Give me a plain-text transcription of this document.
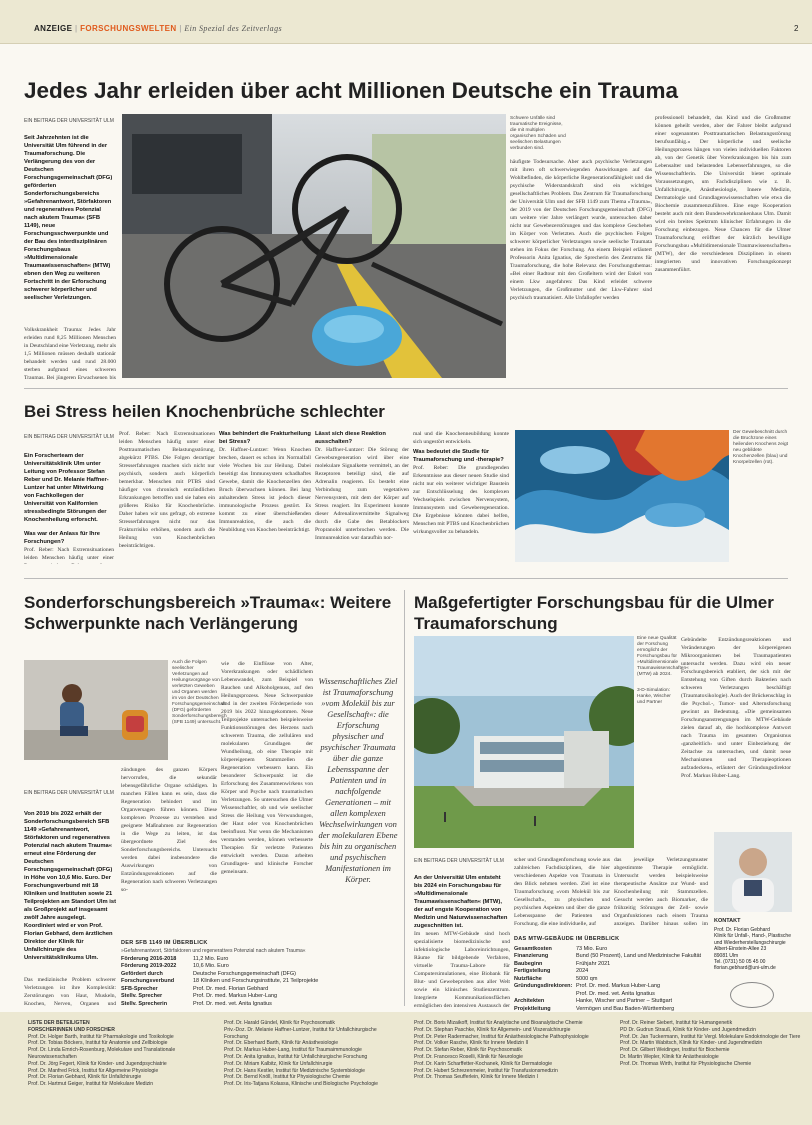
ANZEIGE | FORSCHUNGSWELTEN | Ein Spezial des Zeitverlags	2
Jedes Jahr erleiden über acht Millionen Deutsche ein Trauma
EIN BEITRAG DER UNIVERSITÄT ULM
Seit Jahrzehnten ist die Universität Ulm führend in der Traumaforschung. Die Verlängerung des von der Deutschen Forschungsgemeinschaft (DFG) geförderten Sonderforschungsbereichs »Gefahrenantwort, Störfaktoren und regeneratives Potenzial nach akutem Trauma« (SFB 1149), neue Forschungsschwerpunkte und der Bau des interdisziplinären Forschungsbaus »Multidimensionale Traumawissenschaften« (MTW) ebnen den Weg zu weiteren Fortschritt in der Erforschung schwerer körperlicher und seelischer Verletzungen.
Volkskrankheit Trauma: Jedes Jahr erleiden rund 8,25 Millionen Menschen in Deutschland eine Verletzung, mehr als 1,5 Millionen müssen deshalb stationär behandelt werden und rund 28.000 sterben aufgrund eines schweren Traumas. Bei jüngeren Erwachsenen bis
Schwere Unfälle sind traumatische Ereignisse, die mit multiplen organischen Schäden und seelischen Belastungen verbunden sind.
häufigste Todesursache. Aber auch psychische Verletzungen mit ihren oft schwerwiegenden Auswirkungen auf das Wohlbefinden, die körperliche Regenerationsfähigkeit und die psychische Widerstandskraft sind ein wichtiges gesellschaftliches Problem. Das Zentrum für Traumaforschung der Universität Ulm und der SFB 1149 zum Thema »Trauma«, der 2019 von der Deutschen Forschungsgemeinschaft (DFG) um weitere vier Jahre verlängert wurde, untersuchen daher nicht nur Gewebezerstörungen und das komplexe Geschehen im Körper von Verletzten. Auch die psychischen Folgen schwerer körperlicher Verletzungen sowie seelische Traumata stehen im Fokus der Forschung. An einem Beispiel erläutert Professorin Anita Ignatius, die Sprecherin des Zentrums für Traumaforschung, die hohe Relevanz des Forschungsthemas: »Bei einer Radtour mit den Großeltern wird der Enkel von einem Lkw angefahren: Das Kind erleidet schwere Verletzungen, die Großmutter und der Lkw-Fahrer sind psychisch traumatisiert. Alle Unfallopfer werden
professionell behandelt, das Kind und die Großmutter können geheilt werden, aber der Fahrer bleibt aufgrund einer sogenannten Posttraumatischen Belastungsstörung berufsunfähig.« Der körperliche und seelische Heilungsprozess hängen von vielen individuellen Faktoren ab, von der Genetik über Vorerkrankungen bis hin zum Lebensalter und belastenden Lebenserfahrungen, so die Wissenschaftlerin. Die Universität bietet optimale Voraussetzungen, um Fachdisziplinen wie z. B. Unfallchirurgie, Anästhesiologie, Innere Medizin, Dermatologie und Grundlagenwissenschaften wie etwa die Biochemie zusammenzuführen. Eine enge Kooperation besteht auch mit dem Bundeswehrkrankenhaus Ulm. Damit wird ein breites Spektrum klinischer Erfahrungen in die Forschung einbezogen. Neue Chancen für die Ulmer Traumaforschung eröffnet der kürzlich bewilligte Forschungsbau »Multidimensionale Traumawissenschaften« (MTW), der die verschiedenen Disziplinen in einem integrierten und innovativen Forschungskonzept zusammenführt.
Bei Stress heilen Knochenbrüche schlechter
EIN BEITRAG DER UNIVERSITÄT ULM
Ein Forscherteam der Universitätsklinik Ulm unter Leitung von Professor Stefan Reber und Dr. Melanie Haffner-Luntzer hat unter Mitwirkung von Fachkollegen der Universität von Kalifornien stressbedingte Störungen der Knochenheilung erforscht.
Was war der Anlass für Ihre Forschungen?
Prof. Reber: Nach Extremsituationen leiden Menschen häufig unter einer
Prof. Reber: Nach Extremsituationen leiden Menschen häufig unter einer Posttraumatischen Belastungsstörung, abgekürzt PTBS. Die Folgen derartiger Stresserfahrungen machen sich nicht nur psychisch, sondern auch körperlich bemerkbar. Menschen mit PTBS sind häufiger von chronisch entzündlichen Erkrankungen betroffen und sie haben ein größeres Risiko für Knochenbrüche. Daher haben wir uns gefragt, ob extreme Stresserfahrungen nicht nur das Frakturrisiko erhöhen, sondern auch die Heilung von Knochenbrüchen beeinträchtigen.
Was behindert die Frakturheilung bei Stress?
Dr. Haffner-Luntzer: Wenn Knochen brechen, dauert es schon im Normalfall viele Wochen bis zur Heilung. Dabei beseitigt das Immunsystem schadhaftes Gewebe, damit die Knochenzellen den Bruch überwachsen können. Bei lang anhaltendem Stress ist jedoch dieser immunologische Prozess gestört. Es kommt zu einer überschießenden Immunreaktion, die auch die Neubildung von Knochen beeinträchtigt.
Lässt sich diese Reaktion ausschalten?
Dr. Haffner-Luntzer: Die Störung der Gewebsregeneration wird über eine molekulare Signalkette vermittelt, an der Rezeptoren beteiligt sind, die auf Adrenalin reagieren. Es besteht eine Verbindung zum vegetativen Nervensystem, mit dem der Körper auf Stress reagiert. Im Experiment konnte dieser Adrenalinvermittelte Signalweg durch die Gabe des Betablockers Propranolol unterbrochen werden. Die Immunreaktion war daraufhin nor-
mal und die Knochenneubildung konnte sich ungestört entwickeln.
Was bedeutet die Studie für Traumaforschung und -therapie?
Prof. Reber: Die grundlegenden Erkenntnisse aus dieser neuen Studie sind nicht nur ein weiterer wichtiger Baustein zur Entschlüsselung des komplexen Wechselspiels zwischen Nervensystem, Immunsystem und Geweberegeneration. Die Ergebnisse könnten dabei helfen, Menschen mit PTBS und Knochenbrüchen wirkungsvoller zu behandeln.
Der Gewebeschnitt durch die Bruchzone eines heilenden Knochens zeigt neu gebildete Knochenzellen (blau) und Knorpelzellen (rot).
Sonderforschungsbereich »Trauma«: Weitere Schwerpunkte nach Verlängerung
Auch die Folgen seelischer Verletzungen auf Heilungsvorgänge von verletzten Geweben und Organen werden im von der Deutschen Forschungsgemeinschaft (DFG) geförderten Sonderforschungsbereich (SFB 1149) untersucht.
EIN BEITRAG DER UNIVERSITÄT ULM
Von 2019 bis 2022 erhält der Sonderforschungsbereich SFB 1149 »Gefahrenantwort, Störfaktoren und regeneratives Potenzial nach akutem Trauma« erneut eine Förderung der Deutschen Forschungsgemeinschaft (DFG) in Höhe von 10,6 Mio. Euro. Der Forschungsverbund mit 18 Kliniken und Instituten sowie 21 Teilprojekten am Standort Ulm ist als Großprojekt auf insgesamt zwölf Jahre ausgelegt. Koordiniert wird er von Prof. Florian Gebhard, dem ärztlichen Direktor der Klinik für Unfallchirurgie des Universitätsklinikums Ulm.
Das medizinische Problem schwerer Verletzungen ist ihre Komplexität: Zerstörungen von Haut, Muskeln, Knochen, Nerven, Organen und
zündungen des ganzen Körpers hervorrufen, die sekundär lebensgefährliche Organe schädigen. In manchen Fällen kann es sein, dass die Regeneration behindert und im Organversagen führen können. Diese komplexen Prozesse zu verstehen und geeignete Maßnahmen zur Regeneration in die Wege zu leiten, ist das übergeordnete Ziel des Sonderforschungsbereichs. Untersucht werden dabei insbesondere die Auswirkungen von Entzündungsreaktionen auf die Regeneration nach schweren Verletzungen so-
wie die Einflüsse von Alter, Vorerkrankungen oder schädlichem Lebenswandel, zum Beispiel von Rauchen und Alkoholgenuss, auf den Heilungsprozess. Neue Schwerpunkte sind in der zweiten Förderperiode von 2019 bis 2022 hinzugekommen. Neue Teilprojekte untersuchen beispielsweise Funktionsstörungen des Herzens nach schwerem Trauma, die zellulären und molekularen Grundlagen der Wundheilung, ob eine Therapie mit körpereigenem Stammzellen die Regeneration verbessern kann. Ein besonderer Schwerpunkt ist die Erforschung des Zusammenwirkens von Körper und Psyche nach traumatischen Verletzungen. So untersuchen die Ulmer Wissenschaftler, ob und wie seelischer Stress die Heilung von Verwundungen, der Haut oder von Knochenbrüchen beeinflusst. Nur wenn die Mechanismen verstanden werden, können verbesserte Therapien für verletzte Patienten entwickelt werden. Daran arbeiten Grundlagen- und klinische Forscher gemeinsam.
Wissenschaftliches Ziel ist Traumaforschung »vom Molekül bis zur Gesellschaft«: die Erforschung physischer und psychischer Traumata über die ganze Lebensspanne der Patienten und in nachfolgende Generationen – mit allen komplexen Wechselwirkungen von der molekularen Ebene bis hin zu organischen und psychischen Manifestationen im Körper.
DER SFB 1149 IM ÜBERBLICK
»Gefahrenantwort, Störfaktoren und regeneratives Potenzial nach akutem Trauma«
Förderung 2016-2018	11,2 Mio. Euro
Förderung 2019-2022	10,6 Mio. Euro
Gefördert durch	Deutsche Forschungsgemeinschaft (DFG)
Forschungsverbund	18 Kliniken und Forschungsinstitute, 21 Teilprojekte
SFB-Sprecher	Prof. Dr. med. Florian Gebhard
Stellv. Sprecher	Prof. Dr. med. Markus Huber-Lang
Stellv. Sprecherin	Prof. Dr. med. vet. Anita Ignatius
Maßgefertigter Forschungsbau für die Ulmer Traumaforschung
Eine neue Qualität der Forschung ermöglicht der Forschungsbau für »Multidimensionale Traumawissenschaften« (MTW) ab 2024.
3-D-Simulation: Hanke, Wischer und Partner
Gebündelte Entzündungsreaktionen und Veränderungen der körpereigenen Mikroorganismen bei Traumapatienten untersucht werden. Dazu wird ein neuer Forschungsbereich etabliert, der sich mit der Entstehung von Giften durch Bakterien nach schweren Verletzungen beschäftigt (Traumatoxikologie). Auch der Brückenschlag in die Psychol.-, Tumor- und Alternsforschung gewinnt an Bedeutung. »Die gemeinsamen Forschungsanstrengungen im MTW-Gebäude zielen darauf ab, die hochkomplexe Antwort nach Trauma im gesamten Organismus ›ganzheitlich‹ und unter Einbeziehung der Zeitachse zu untersuchen, und damit neue Mechanismen und Therapieoptionen aufzudecken«, erläutert der Gründungsdirektor Prof. Markus Huber-Lang.
EIN BEITRAG DER UNIVERSITÄT ULM
An der Universität Ulm entsteht bis 2024 ein Forschungsbau für »Multidimensionale Traumawissenschaften« (MTW), der auf engste Kooperation von Medizin und Naturwissenschaften zugeschnitten ist.
Im neuen MTW-Gebäude sind hoch spezialisierte biomedizinische und infektiologische Laboreinrichtungen, Räume für bildgebende Verfahren, virtuelle Trauma-Labore für Computersimulationen, eine Biobank für Blut- und Gewebeproben aus aller Welt sowie ein klinisches Studienzentrum. Integrierte Kommunikationsflächen ermöglichen den intensiven Austausch der
scher und Grundlagenforschung sowie aus zahlreichen Fachdisziplinen, die hier verschiedenen Aspekte von Traumata in den Blick nehmen werden. Ziel ist eine Traumaforschung »vom Molekül bis zur Gesellschaft«, zu physischen und psychischen Aspekten und über die ganze Lebensspanne der Patienten und Forschung. die eine individuelle, auf
das jeweilige Verletzungsmuster abgestimmte Therapie ermöglicht. Untersucht werden beispielsweise therapeutische Ansätze zur Wund- und Knochenheilung mit Stammzellen. Gesucht werden auch Biomarker, die frühzeitig Störungen der Zell- sowie Organfunktionen nach einem Trauma anzeigen. Darüber hinaus sollen im
DAS MTW-GEBÄUDE IM ÜBERBLICK
Gesamtkosten	73 Mio. Euro
Finanzierung	Bund (50 Prozent), Land und Medizinische Fakultät
Baubeginn	Frühjahr 2021
Fertigstellung	2024
Nutzfläche	5000 qm
Gründungsdirektoren: Prof. Dr. med. Markus Huber-Lang
Prof. Dr. med. vet. Anita Ignatius
Architekten	Hanke, Wischer und Partner – Stuttgart
Projektleitung	Vermögen und Bau Baden-Württemberg
KONTAKT
Prof. Dr. Florian Gebhard
Klinik für Unfall-, Hand-, Plastische und Wiederherstellungschirurgie
Albert-Einstein-Allee 23
89081 Ulm
Tel. (0731) 50 05 45 00
florian.gebhard@uni-ulm.de
LISTE DER BETEILIGTEN
FORSCHERINNEN UND FORSCHER
Prof. Dr. Holger Barth, Institut für Pharmakologie und Toxikologie
Prof. Dr. Tobias Böckers, Institut für Anatomie und Zellbiologie
Prof. Dr. Linda Emrich-Rosenburg, Molekulare und Translationale Neurowissenschaften
Prof. Dr. Jörg Fegert, Klinik für Kinder- und Jugendpsychiatrie
Prof. Dr. Manfred Frick, Institut für Allgemeine Physiologie
Prof. Dr. Florian Gebhard, Klinik für Unfallchirurgie
Prof. Dr. Hartmut Geiger, Institut für Molekulare Medizin
Prof. Dr. Harald Gündel, Klinik für Psychosomatik
Priv.-Doz. Dr. Melanie Haffner-Luntzer, Institut für Unfallchirurgische Forschung
Prof. Dr. Eberhard Barth, Klinik für Anästhesiologie
Prof. Dr. Markus Huber-Lang, Institut für Traumaimmunologie
Prof. Dr. Anita Ignatius, Institut für Unfallchirurgische Forschung
Prof. Dr. Miriam Kalbitz, Klinik für Unfallchirurgie
Prof. Dr. Hans Kestler, Institut für Medizinische Systembiologie
Prof. Dr. Bernd Knöll, Institut für Physiologische Chemie
Prof. Dr. Iris-Tatjana Kolassa, Klinische und Biologische Psychologie
Prof. Dr. Boris Mizaikoff, Institut für Analytische und Bioanalytische Chemie
Prof. Dr. Stephan Paschke, Klinik für Allgemein- und Viszeralchirurgie
Prof. Dr. Peter Radermacher, Institut für Anästhesiologische Pathophysiologie
Prof. Dr. Volker Rasche, Klinik für Innere Medizin II
Prof. Dr. Stefan Reber, Klinik für Psychosomatik
Prof. Dr. Francesco Roselli, Klinik für Neurologie
Prof. Dr. Karin Scharffetter-Kochanek, Klinik für Dermatologie
Prof. Dr. Hubert Schrezenmeier, Institut für Transfusionsmedizin
Prof. Dr. Thomas Seufferlein, Klinik für Innere Medizin I
Prof. Dr. Reiner Siebert, Institut für Humangenetik
PD Dr. Gudrun Strauß, Klinik für Kinder- und Jugendmedizin
Prof. Dr. Jan Tuckermann, Institut für Vergl. Molekulare Endokrinologie der Tiere
Prof. Dr. Martin Wabitsch, Klinik für Kinder- und Jugendmedizin
Prof. Dr. Gilbert Weidinger, Institut für Biochemie
Dr. Martin Wepler, Klinik für Anästhesiologie
Prof. Dr. Thomas Wirth, Institut für Physiologische Chemie
